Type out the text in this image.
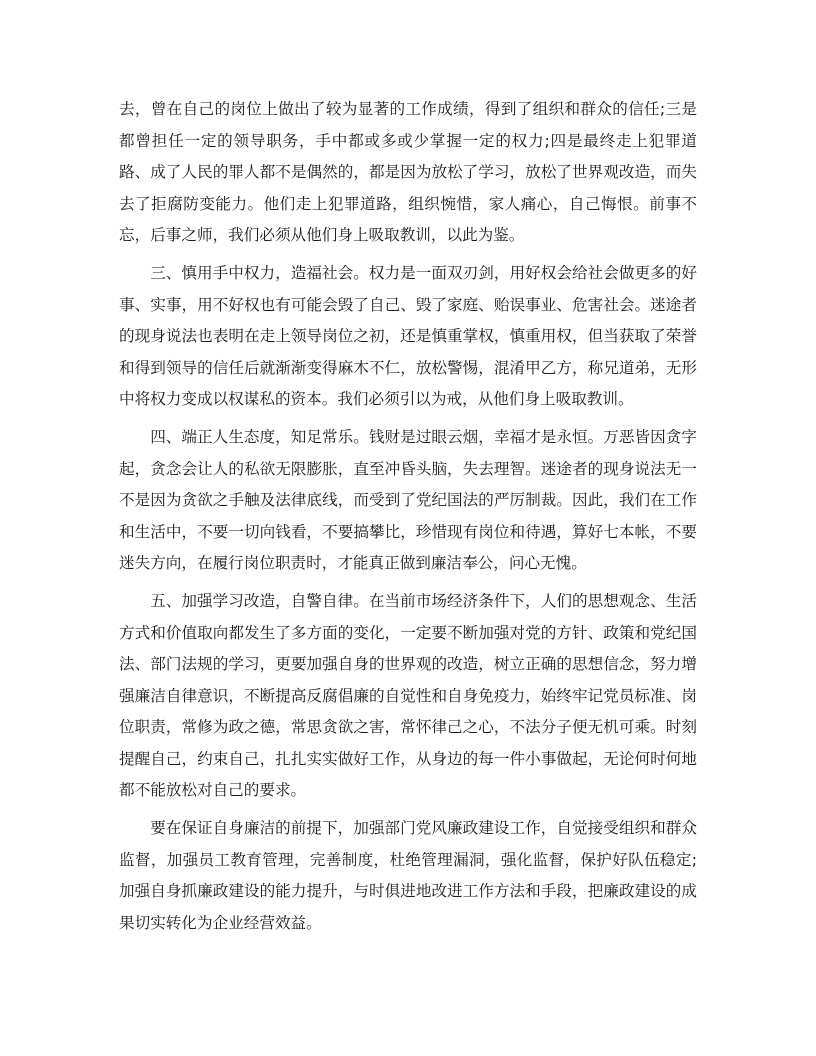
去，曾在自己的岗位上做出了较为显著的工作成绩，得到了组织和群众的信任;三是都曾担任一定的领导职务，手中都或多或少掌握一定的权力;四是最终走上犯罪道路、成了人民的罪人都不是偶然的，都是因为放松了学习，放松了世界观改造，而失去了拒腐防变能力。他们走上犯罪道路，组织惋惜，家人痛心，自己悔恨。前事不忘，后事之师，我们必须从他们身上吸取教训，以此为鉴。

三、慎用手中权力，造福社会。权力是一面双刃剑，用好权会给社会做更多的好事、实事，用不好权也有可能会毁了自己、毁了家庭、贻误事业、危害社会。迷途者的现身说法也表明在走上领导岗位之初，还是慎重掌权，慎重用权，但当获取了荣誉和得到领导的信任后就渐渐变得麻木不仁，放松警惕，混淆甲乙方，称兄道弟，无形中将权力变成以权谋私的资本。我们必须引以为戒，从他们身上吸取教训。

四、端正人生态度，知足常乐。钱财是过眼云烟，幸福才是永恒。万恶皆因贪字起，贪念会让人的私欲无限膨胀，直至冲昏头脑，失去理智。迷途者的现身说法无一不是因为贪欲之手触及法律底线，而受到了党纪国法的严厉制裁。因此，我们在工作和生活中，不要一切向钱看，不要搞攀比，珍惜现有岗位和待遇，算好七本帐，不要迷失方向，在履行岗位职责时，才能真正做到廉洁奉公，问心无愧。

五、加强学习改造，自警自律。在当前市场经济条件下，人们的思想观念、生活方式和价值取向都发生了多方面的变化，一定要不断加强对党的方针、政策和党纪国法、部门法规的学习，更要加强自身的世界观的改造，树立正确的思想信念，努力增强廉洁自律意识，不断提高反腐倡廉的自觉性和自身免疫力，始终牢记党员标准、岗位职责，常修为政之德，常思贪欲之害，常怀律己之心，不法分子便无机可乘。时刻提醒自己，约束自己，扎扎实实做好工作，从身边的每一件小事做起，无论何时何地都不能放松对自己的要求。

要在保证自身廉洁的前提下，加强部门党风廉政建设工作，自觉接受组织和群众监督，加强员工教育管理，完善制度，杜绝管理漏洞，强化监督，保护好队伍稳定;加强自身抓廉政建设的能力提升，与时俱进地改进工作方法和手段，把廉政建设的成果切实转化为企业经营效益。
